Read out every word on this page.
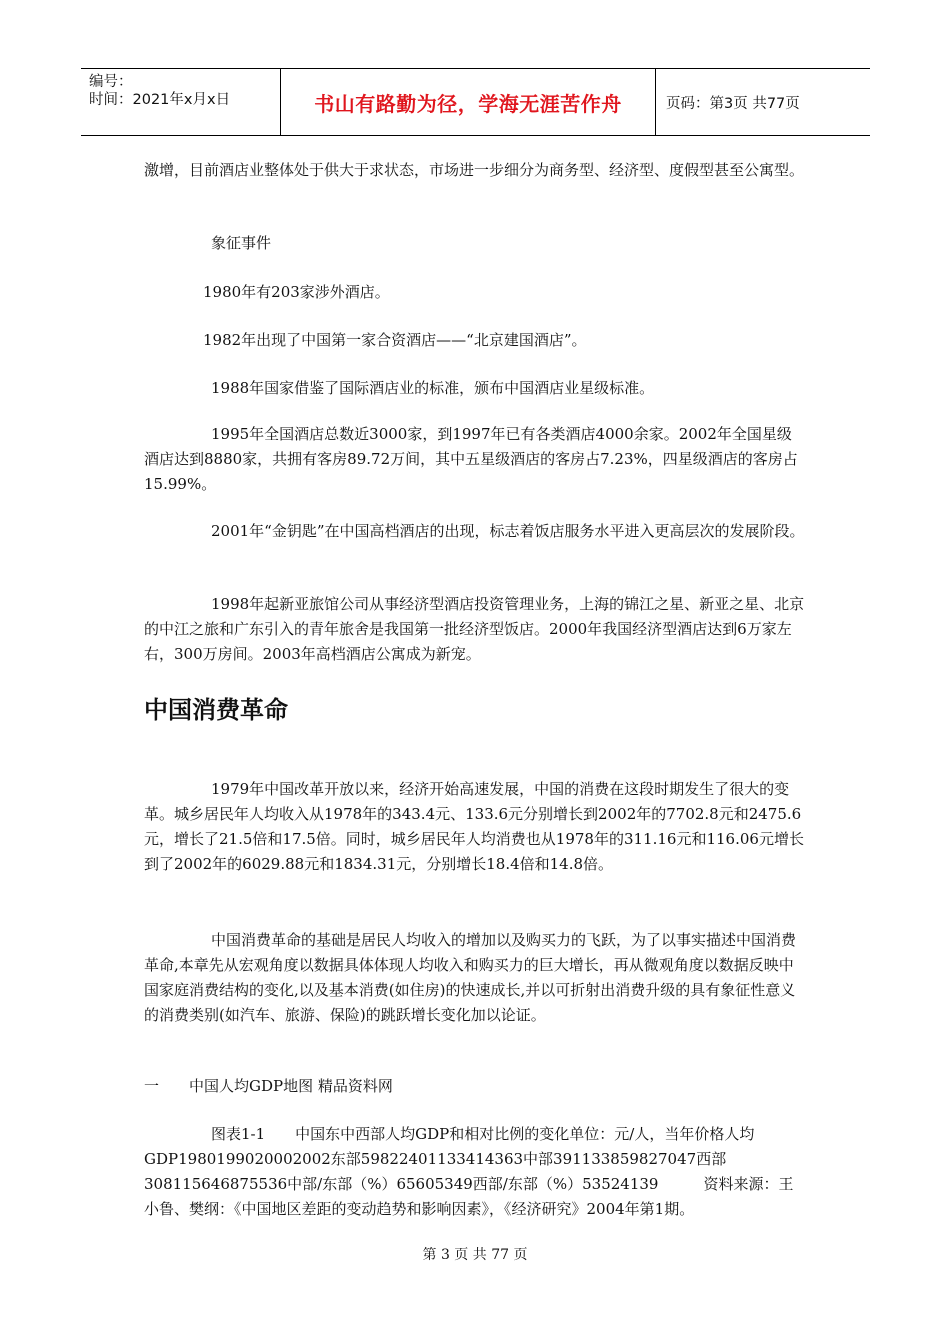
编号：
时间：2021年x月x日	书山有路勤为径，学海无涯苦作舟	页码：第3页 共77页

激增，目前酒店业整体处于供大于求状态，市场进一步细分为商务型、经济型、度假型甚至公寓型。

象征事件

1980年有203家涉外酒店。

1982年出现了中国第一家合资酒店——“北京建国酒店”。

1988年国家借鉴了国际酒店业的标准，颁布中国酒店业星级标准。

1995年全国酒店总数近3000家，到1997年已有各类酒店4000余家。2002年全国星级酒店达到8880家，共拥有客房89.72万间，其中五星级酒店的客房占7.23%，四星级酒店的客房占15.99%。

2001年“金钥匙”在中国高档酒店的出现，标志着饭店服务水平进入更高层次的发展阶段。

1998年起新亚旅馆公司从事经济型酒店投资管理业务，上海的锦江之星、新亚之星、北京的中江之旅和广东引入的青年旅舍是我国第一批经济型饭店。2000年我国经济型酒店达到6万家左右，300万房间。2003年高档酒店公寓成为新宠。

中国消费革命

1979年中国改革开放以来，经济开始高速发展，中国的消费在这段时期发生了很大的变革。城乡居民年人均收入从1978年的343.4元、133.6元分别增长到2002年的7702.8元和2475.6元，增长了21.5倍和17.5倍。同时，城乡居民年人均消费也从1978年的311.16元和116.06元增长到了2002年的6029.88元和1834.31元，分别增长18.4倍和14.8倍。

中国消费革命的基础是居民人均收入的增加以及购买力的飞跃，为了以事实描述中国消费革命,本章先从宏观角度以数据具体体现人均收入和购买力的巨大增长，再从微观角度以数据反映中国家庭消费结构的变化,以及基本消费(如住房)的快速成长,并以可折射出消费升级的具有象征性意义的消费类别(如汽车、旅游、保险)的跳跃增长变化加以论证。

一　　中国人均GDP地图 精品资料网

图表1-1　　中国东中西部人均GDP和相对比例的变化单位：元/人，当年价格人均GDP1980199020002002东部59822401133414363中部391133859827047西部308115646875536中部/东部（%）65605349西部/东部（%）53524139　　　资料来源：王小鲁、樊纲：《中国地区差距的变动趋势和影响因素》，《经济研究》2004年第1期。

第 3 页 共 77 页
